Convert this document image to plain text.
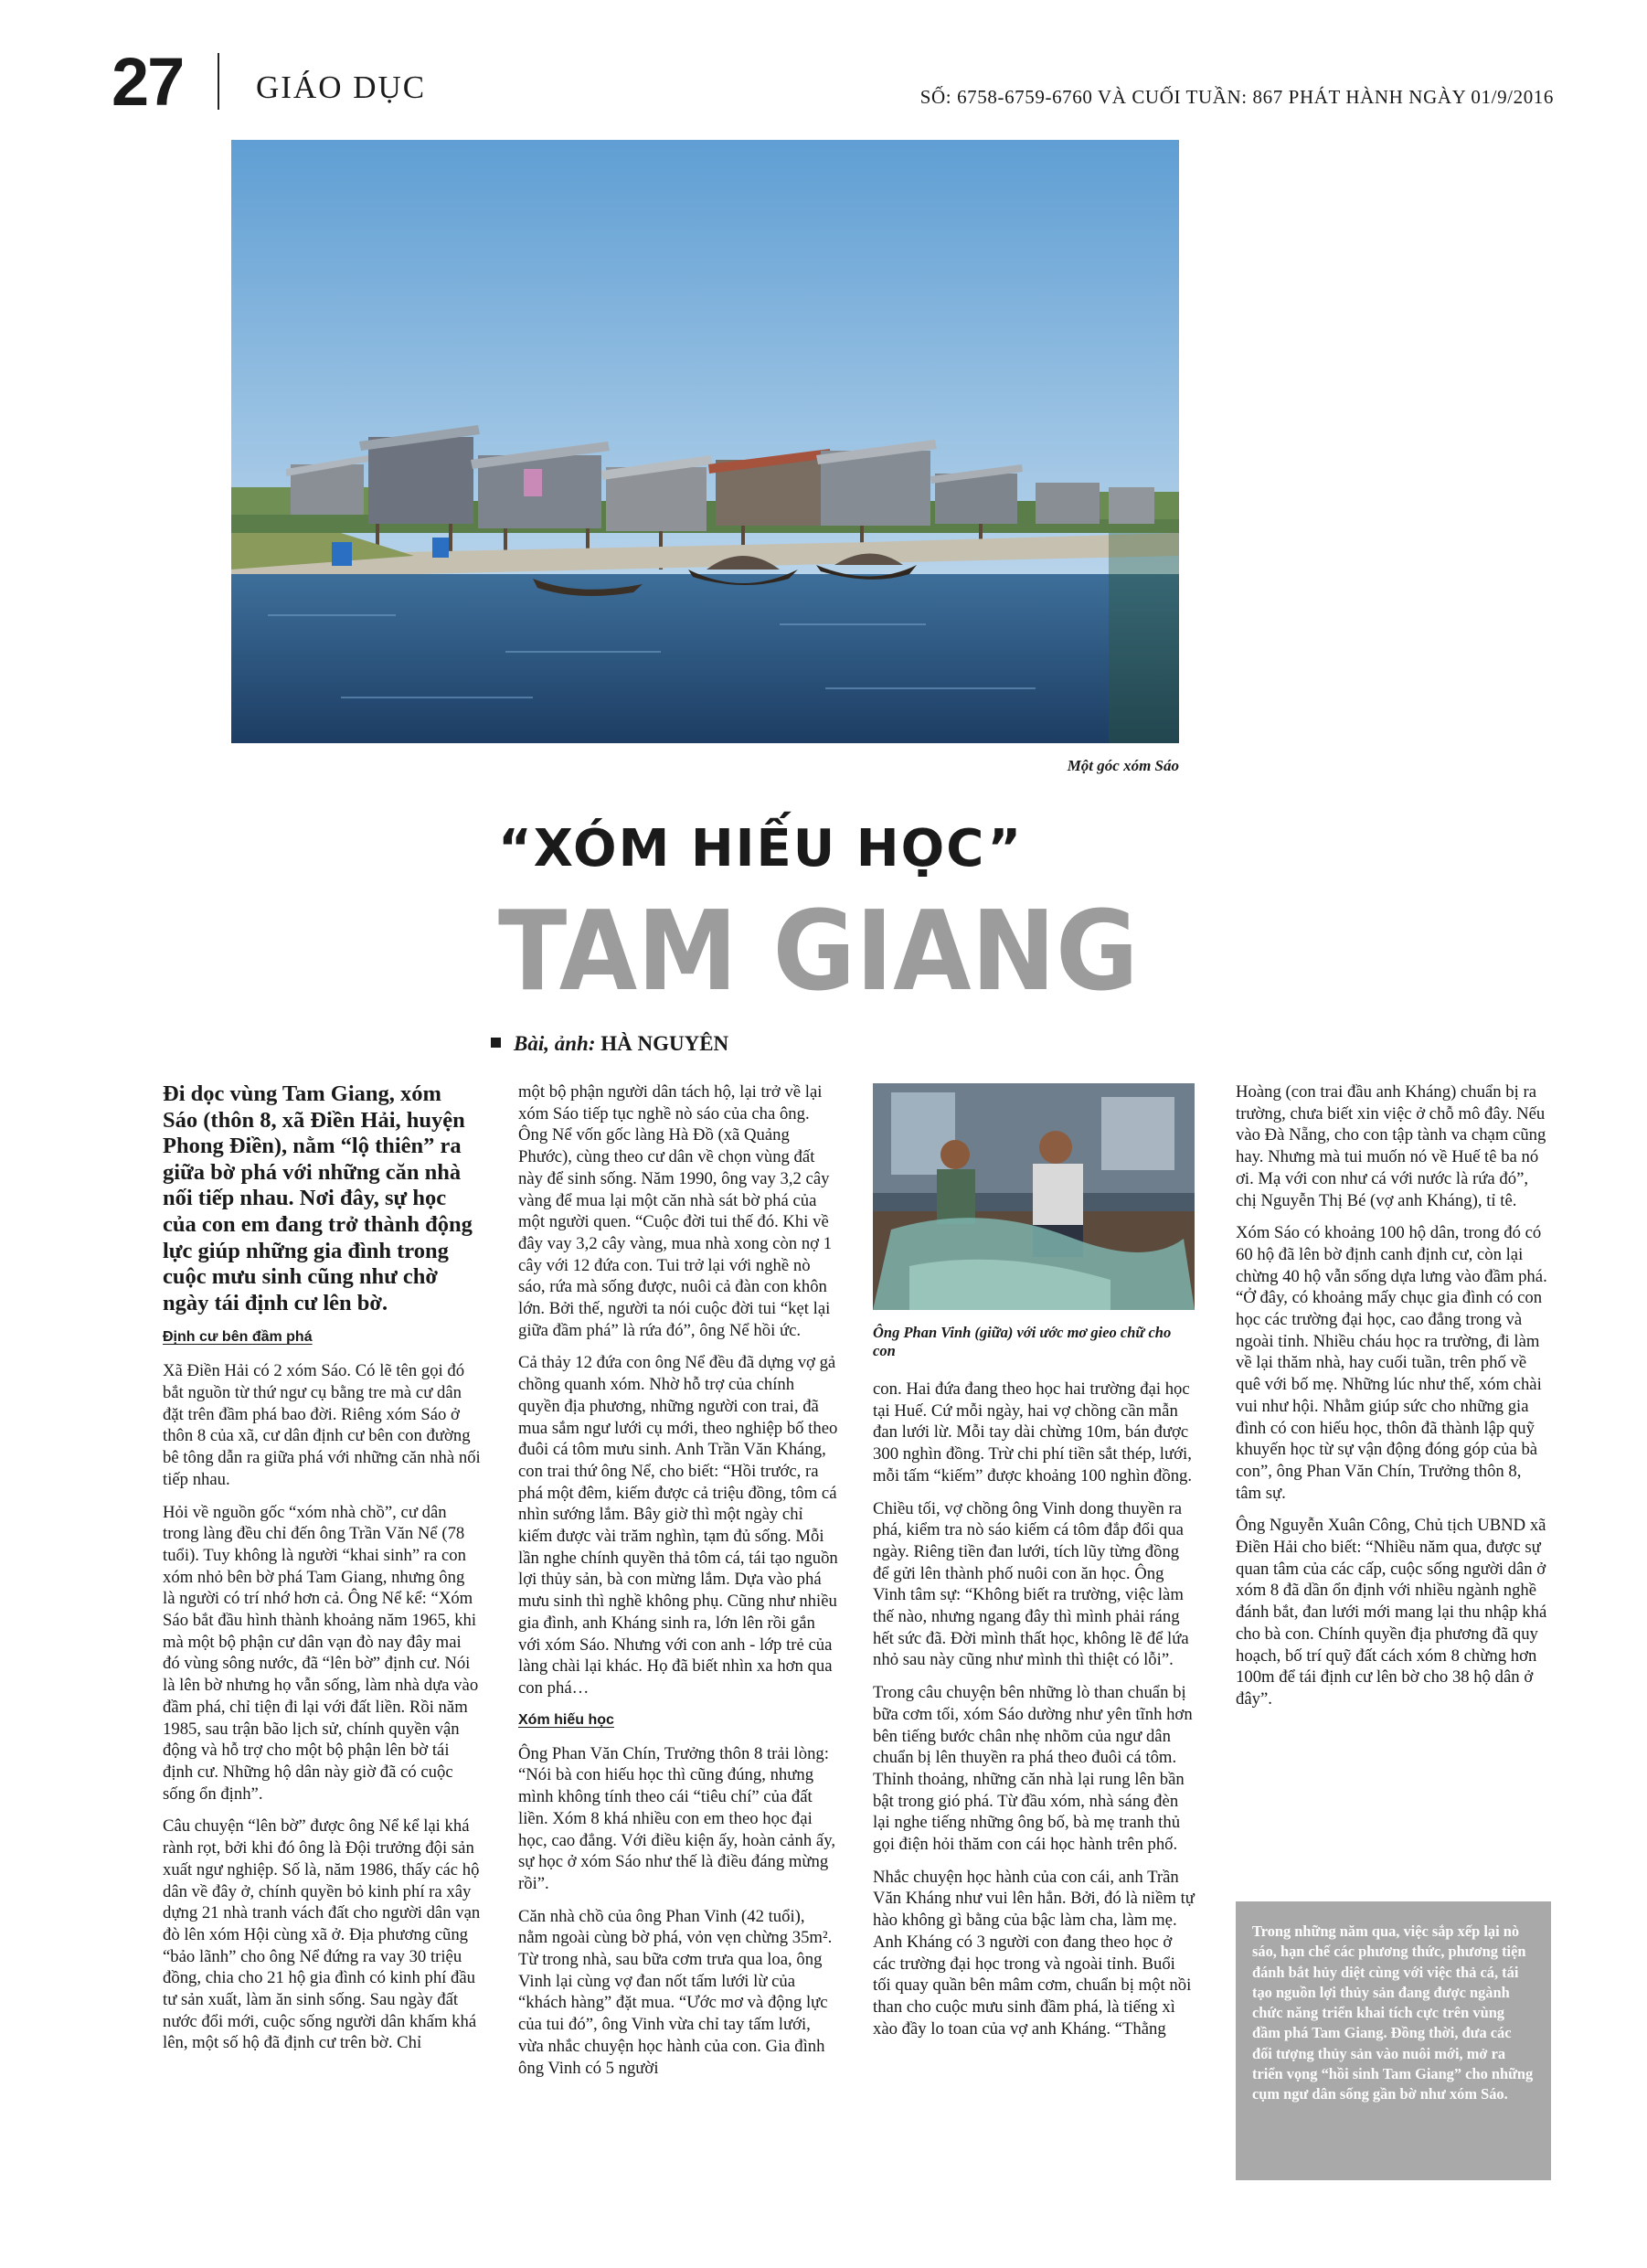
27 GIÁO DỤC	SỐ: 6758-6759-6760 VÀ CUỐI TUẦN: 867 PHÁT HÀNH NGÀY 01/9/2016
Một góc xóm Sáo
“XÓM HIẾU HỌC”
TAM GIANG
Bài, ảnh: HÀ NGUYÊN

Đi dọc vùng Tam Giang, xóm Sáo (thôn 8, xã Điền Hải, huyện Phong Điền), nằm “lộ thiên” ra giữa bờ phá với những căn nhà nối tiếp nhau. Nơi đây, sự học của con em đang trở thành động lực giúp những gia đình trong cuộc mưu sinh cũng như chờ ngày tái định cư lên bờ.

Định cư bên đầm phá

Xã Điền Hải có 2 xóm Sáo. Có lẽ tên gọi đó bắt nguồn từ thứ ngư cụ bằng tre mà cư dân đặt trên đầm phá bao đời. Riêng xóm Sáo ở thôn 8 của xã, cư dân định cư bên con đường bê tông dẫn ra giữa phá với những căn nhà nối tiếp nhau.

Hỏi về nguồn gốc “xóm nhà chồ”, cư dân trong làng đều chỉ đến ông Trần Văn Nể (78 tuổi). Tuy không là người “khai sinh” ra con xóm nhỏ bên bờ phá Tam Giang, nhưng ông là người có trí nhớ hơn cả. Ông Nể kể: “Xóm Sáo bắt đầu hình thành khoảng năm 1965, khi mà một bộ phận cư dân vạn đò nay đây mai đó vùng sông nước, đã “lên bờ” định cư. Nói là lên bờ nhưng họ vẫn sống, làm nhà dựa vào đầm phá, chỉ tiện đi lại với đất liền. Rồi năm 1985, sau trận bão lịch sử, chính quyền vận động và hỗ trợ cho một bộ phận lên bờ tái định cư. Những hộ dân này giờ đã có cuộc sống ổn định”.

Câu chuyện “lên bờ” được ông Nể kể lại khá rành rọt, bởi khi đó ông là Đội trưởng đội sản xuất ngư nghiệp. Số là, năm 1986, thấy các hộ dân về đây ở, chính quyền bỏ kinh phí ra xây dựng 21 nhà tranh vách đất cho người dân vạn đò lên xóm Hội cùng xã ở. Địa phương cũng “bảo lãnh” cho ông Nể đứng ra vay 30 triệu đồng, chia cho 21 hộ gia đình có kinh phí đầu tư sản xuất, làm ăn sinh sống. Sau ngày đất nước đổi mới, cuộc sống người dân khấm khá lên, một số hộ đã định cư trên bờ. Chỉ

một bộ phận người dân tách hộ, lại trở về lại xóm Sáo tiếp tục nghề nò sáo của cha ông. Ông Nể vốn gốc làng Hà Đồ (xã Quảng Phước), cùng theo cư dân về chọn vùng đất này để sinh sống. Năm 1990, ông vay 3,2 cây vàng để mua lại một căn nhà sát bờ phá của một người quen. “Cuộc đời tui thế đó. Khi về đây vay 3,2 cây vàng, mua nhà xong còn nợ 1 cây với 12 đứa con. Tui trở lại với nghề nò sáo, rứa mà sống được, nuôi cả đàn con khôn lớn. Bởi thế, người ta nói cuộc đời tui “kẹt lại giữa đầm phá” là rứa đó”, ông Nể hồi ức.

Cả thảy 12 đứa con ông Nể đều đã dựng vợ gả chồng quanh xóm. Nhờ hỗ trợ của chính quyền địa phương, những người con trai, đã mua sắm ngư lưới cụ mới, theo nghiệp bố theo đuôi cá tôm mưu sinh. Anh Trần Văn Kháng, con trai thứ ông Nể, cho biết: “Hồi trước, ra phá một đêm, kiếm được cả triệu đồng, tôm cá nhìn sướng lắm. Bây giờ thì một ngày chỉ kiếm được vài trăm nghìn, tạm đủ sống. Mỗi lần nghe chính quyền thả tôm cá, tái tạo nguồn lợi thủy sản, bà con mừng lắm. Dựa vào phá mưu sinh thì nghề không phụ. Cũng như nhiều gia đình, anh Kháng sinh ra, lớn lên rồi gắn với xóm Sáo. Nhưng với con anh - lớp trẻ của làng chài lại khác. Họ đã biết nhìn xa hơn qua con phá…

Xóm hiếu học

Ông Phan Văn Chín, Trưởng thôn 8 trải lòng: “Nói bà con hiếu học thì cũng đúng, nhưng mình không tính theo cái “tiêu chí” của đất liền. Xóm 8 khá nhiều con em theo học đại học, cao đẳng. Với điều kiện ấy, hoàn cảnh ấy, sự học ở xóm Sáo như thế là điều đáng mừng rồi”.

Căn nhà chồ của ông Phan Vinh (42 tuổi), nằm ngoài cùng bờ phá, vỏn vẹn chừng 35m². Từ trong nhà, sau bữa cơm trưa qua loa, ông Vinh lại cùng vợ đan nốt tấm lưới lừ của “khách hàng” đặt mua. “Ước mơ và động lực của tui đó”, ông Vinh vừa chỉ tay tấm lưới, vừa nhắc chuyện học hành của con. Gia đình ông Vinh có 5 người

Ông Phan Vinh (giữa) với ước mơ gieo chữ cho con

con. Hai đứa đang theo học hai trường đại học tại Huế. Cứ mỗi ngày, hai vợ chồng cần mẫn đan lưới lừ. Mỗi tay dài chừng 10m, bán được 300 nghìn đồng. Trừ chi phí tiền sắt thép, lưới, mỗi tấm “kiếm” được khoảng 100 nghìn đồng.

Chiều tối, vợ chồng ông Vinh dong thuyền ra phá, kiểm tra nò sáo kiếm cá tôm đắp đổi qua ngày. Riêng tiền đan lưới, tích lũy từng đồng để gửi lên thành phố nuôi con ăn học. Ông Vinh tâm sự: “Không biết ra trường, việc làm thế nào, nhưng ngang đây thì mình phải ráng hết sức đã. Đời mình thất học, không lẽ để lứa nhỏ sau này cũng như mình thì thiệt có lỗi”.

Trong câu chuyện bên những lò than chuẩn bị bữa cơm tối, xóm Sáo dường như yên tĩnh hơn bên tiếng bước chân nhẹ nhõm của ngư dân chuẩn bị lên thuyền ra phá theo đuôi cá tôm. Thỉnh thoảng, những căn nhà lại rung lên bần bật trong gió phá. Từ đầu xóm, nhà sáng đèn lại nghe tiếng những ông bố, bà mẹ tranh thủ gọi điện hỏi thăm con cái học hành trên phố.

Nhắc chuyện học hành của con cái, anh Trần Văn Kháng như vui lên hẳn. Bởi, đó là niềm tự hào không gì bằng của bậc làm cha, làm mẹ. Anh Kháng có 3 người con đang theo học ở các trường đại học trong và ngoài tỉnh. Buổi tối quay quần bên mâm cơm, chuẩn bị một nồi than cho cuộc mưu sinh đầm phá, là tiếng xì xào đầy lo toan của vợ anh Kháng. “Thằng

Hoàng (con trai đầu anh Kháng) chuẩn bị ra trường, chưa biết xin việc ở chỗ mô đây. Nếu vào Đà Nẵng, cho con tập tành va chạm cũng hay. Nhưng mà tui muốn nó về Huế tê ba nó ơi. Mạ với con như cá với nước là rứa đó”, chị Nguyễn Thị Bé (vợ anh Kháng), tỉ tê.

Xóm Sáo có khoảng 100 hộ dân, trong đó có 60 hộ đã lên bờ định canh định cư, còn lại chừng 40 hộ vẫn sống dựa lưng vào đầm phá. “Ở đây, có khoảng mấy chục gia đình có con học các trường đại học, cao đẳng trong và ngoài tỉnh. Nhiều cháu học ra trường, đi làm về lại thăm nhà, hay cuối tuần, trên phố về quê với bố mẹ. Những lúc như thế, xóm chài vui như hội. Nhằm giúp sức cho những gia đình có con hiếu học, thôn đã thành lập quỹ khuyến học từ sự vận động đóng góp của bà con”, ông Phan Văn Chín, Trưởng thôn 8, tâm sự.

Ông Nguyễn Xuân Công, Chủ tịch UBND xã Điền Hải cho biết: “Nhiều năm qua, được sự quan tâm của các cấp, cuộc sống người dân ở xóm 8 đã dần ổn định với nhiều ngành nghề đánh bắt, đan lưới mới mang lại thu nhập khá cho bà con. Chính quyền địa phương đã quy hoạch, bố trí quỹ đất cách xóm 8 chừng hơn 100m để tái định cư lên bờ cho 38 hộ dân ở đây”.

Trong những năm qua, việc sắp xếp lại nò sáo, hạn chế các phương thức, phương tiện đánh bắt hủy diệt cùng với việc thả cá, tái tạo nguồn lợi thủy sản đang được ngành chức năng triển khai tích cực trên vùng đầm phá Tam Giang. Đồng thời, đưa các đối tượng thủy sản vào nuôi mới, mở ra triển vọng “hồi sinh Tam Giang” cho những cụm ngư dân sống gần bờ như xóm Sáo.
